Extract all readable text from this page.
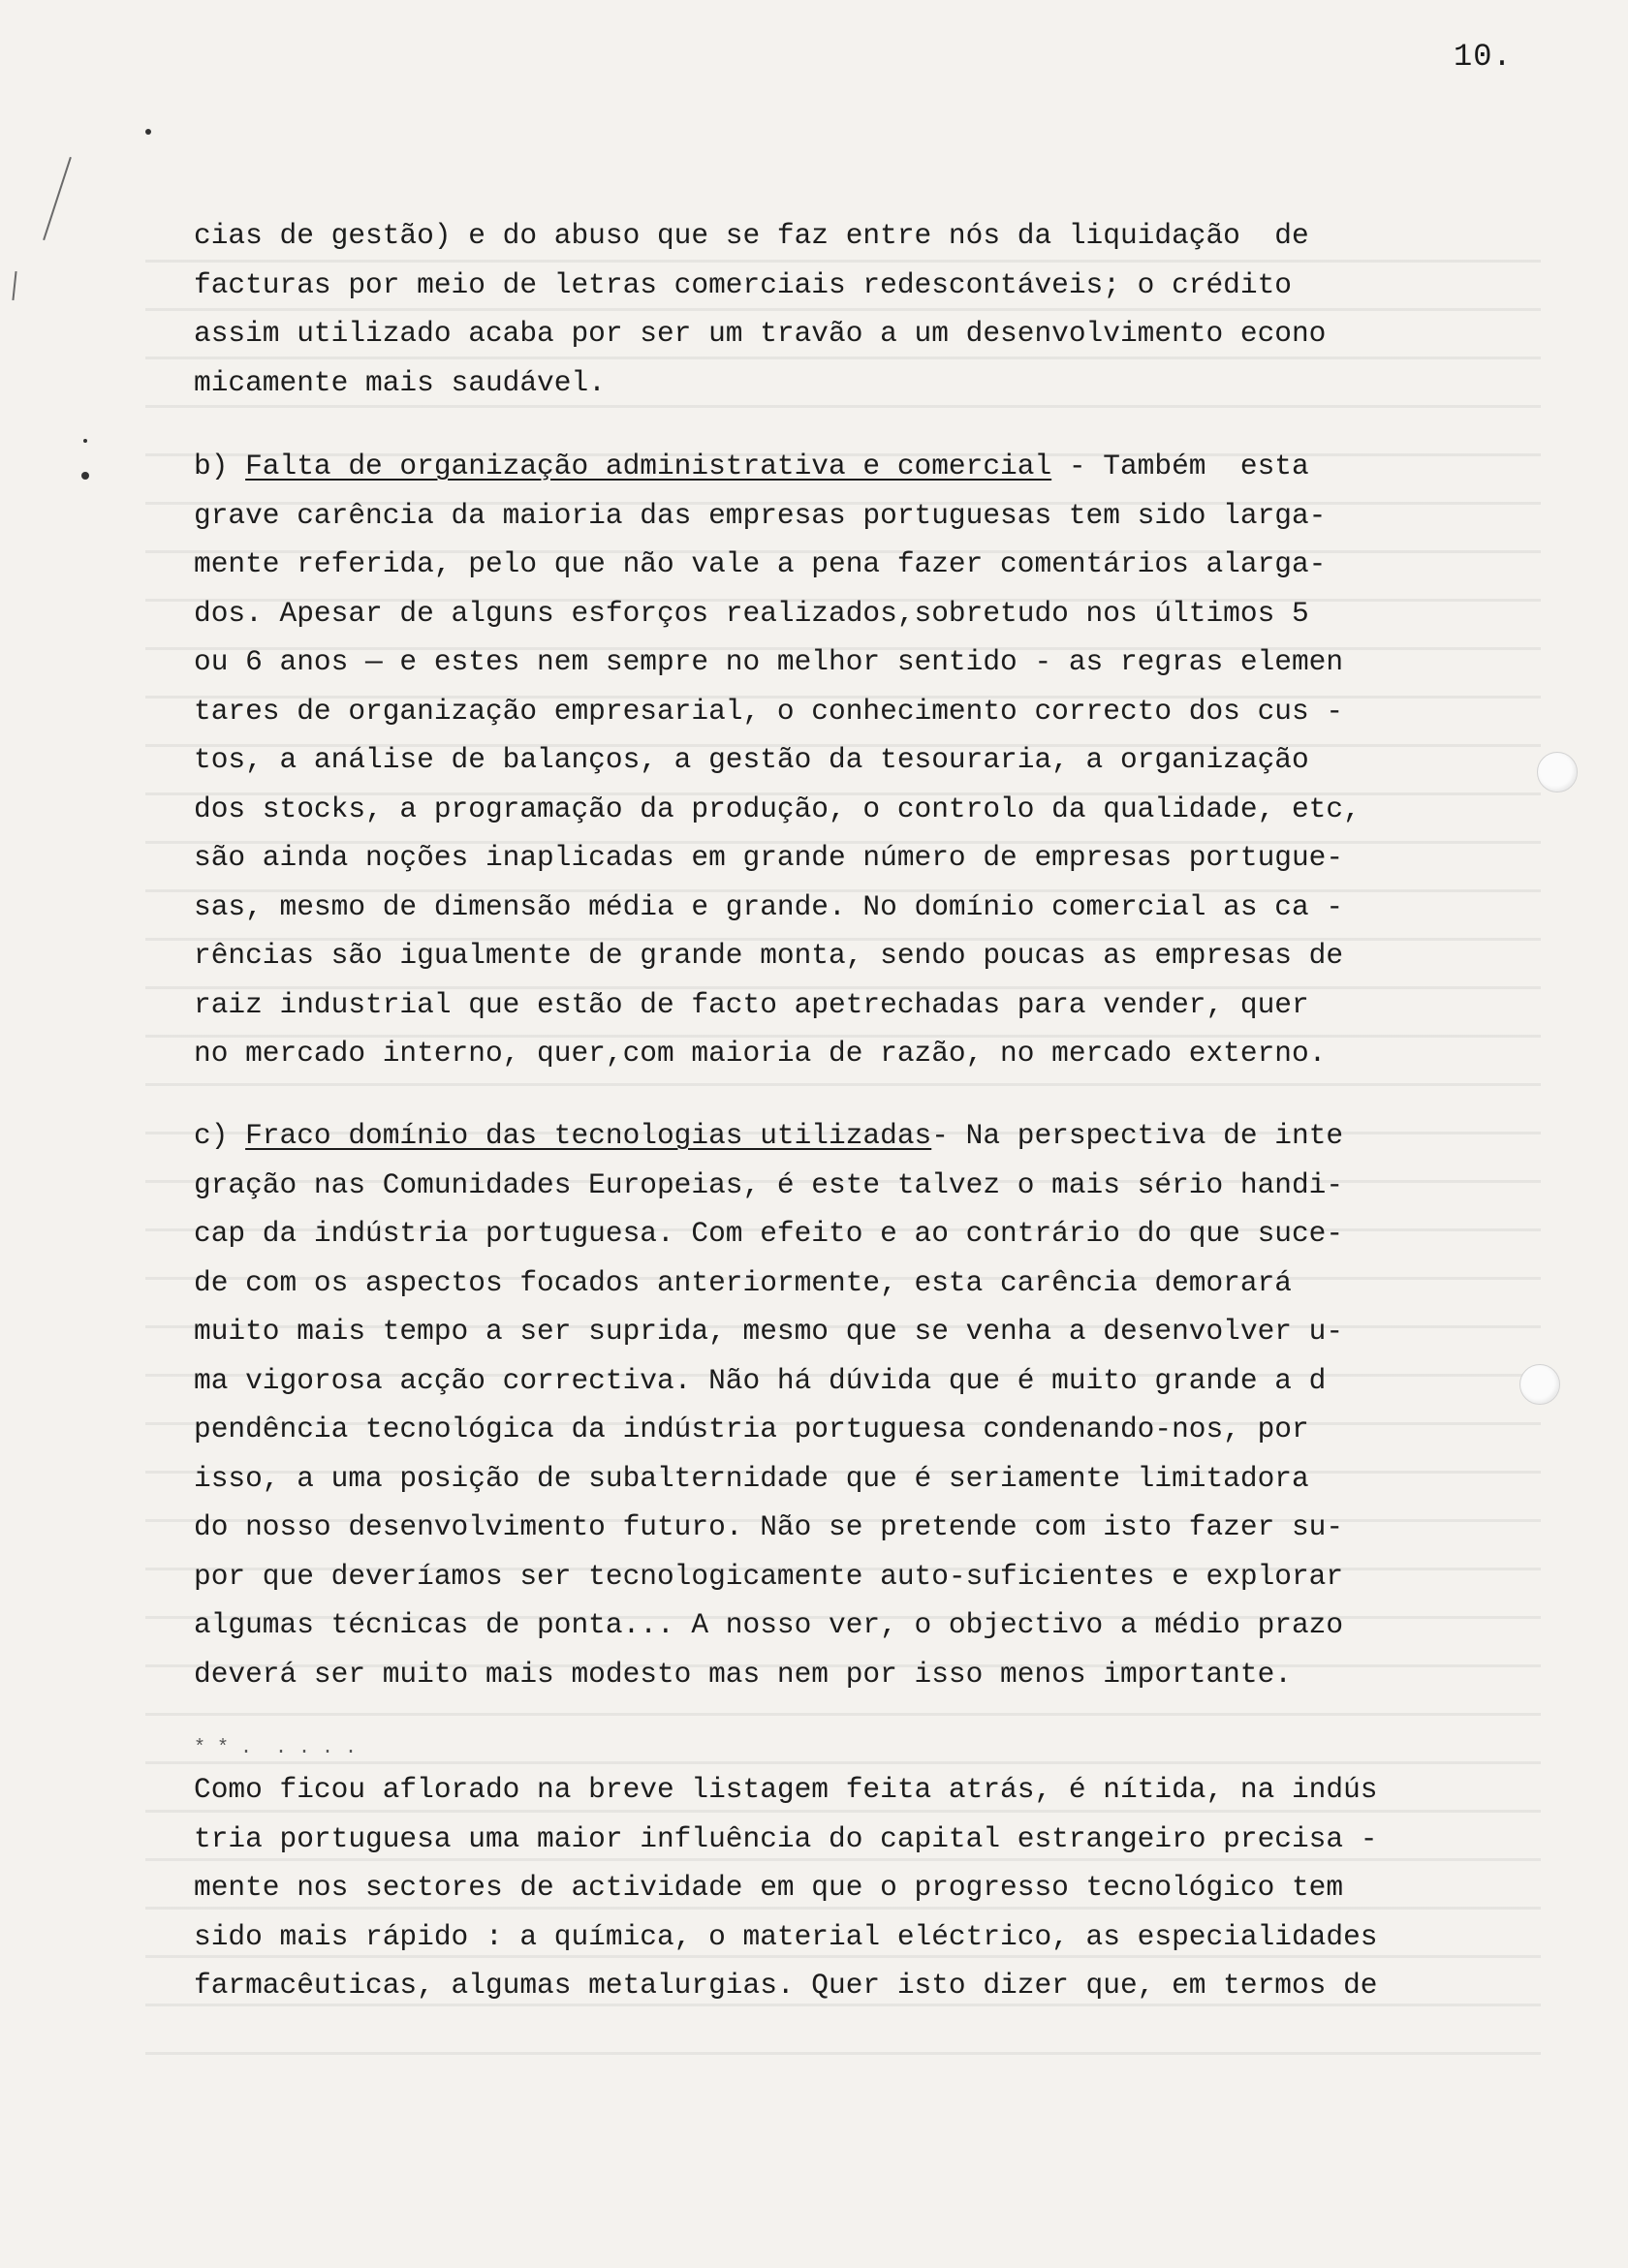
10.
cias de gestão) e do abuso que se faz entre nós da liquidação  de
facturas por meio de letras comerciais redescontáveis; o crédito
assim utilizado acaba por ser um travão a um desenvolvimento econo
micamente mais saudável.
b) Falta de organização administrativa e comercial - Também  esta
grave carência da maioria das empresas portuguesas tem sido larga-
mente referida, pelo que não vale a pena fazer comentários alarga-
dos. Apesar de alguns esforços realizados,sobretudo nos últimos 5
ou 6 anos — e estes nem sempre no melhor sentido - as regras elemen
tares de organização empresarial, o conhecimento correcto dos cus -
tos, a análise de balanços, a gestão da tesouraria, a organização
dos stocks, a programação da produção, o controlo da qualidade, etc,
são ainda noções inaplicadas em grande número de empresas portugue-
sas, mesmo de dimensão média e grande. No domínio comercial as ca -
rências são igualmente de grande monta, sendo poucas as empresas de
raiz industrial que estão de facto apetrechadas para vender, quer
no mercado interno, quer,com maioria de razão, no mercado externo.
c) Fraco domínio das tecnologias utilizadas- Na perspectiva de inte
gração nas Comunidades Europeias, é este talvez o mais sério handi-
cap da indústria portuguesa. Com efeito e ao contrário do que suce-
de com os aspectos focados anteriormente, esta carência demorará
muito mais tempo a ser suprida, mesmo que se venha a desenvolver u-
ma vigorosa acção correctiva. Não há dúvida que é muito grande a d
pendência tecnológica da indústria portuguesa condenando-nos, por
isso, a uma posição de subalternidade que é seriamente limitadora
do nosso desenvolvimento futuro. Não se pretende com isto fazer su-
por que deveríamos ser tecnologicamente auto-suficientes e explorar
algumas técnicas de ponta... A nosso ver, o objectivo a médio prazo
deverá ser muito mais modesto mas nem por isso menos importante.
* * .  . . . .
Como ficou aflorado na breve listagem feita atrás, é nítida, na indús
tria portuguesa uma maior influência do capital estrangeiro precisa -
mente nos sectores de actividade em que o progresso tecnológico tem
sido mais rápido : a química, o material eléctrico, as especialidades
farmacêuticas, algumas metalurgias. Quer isto dizer que, em termos de
